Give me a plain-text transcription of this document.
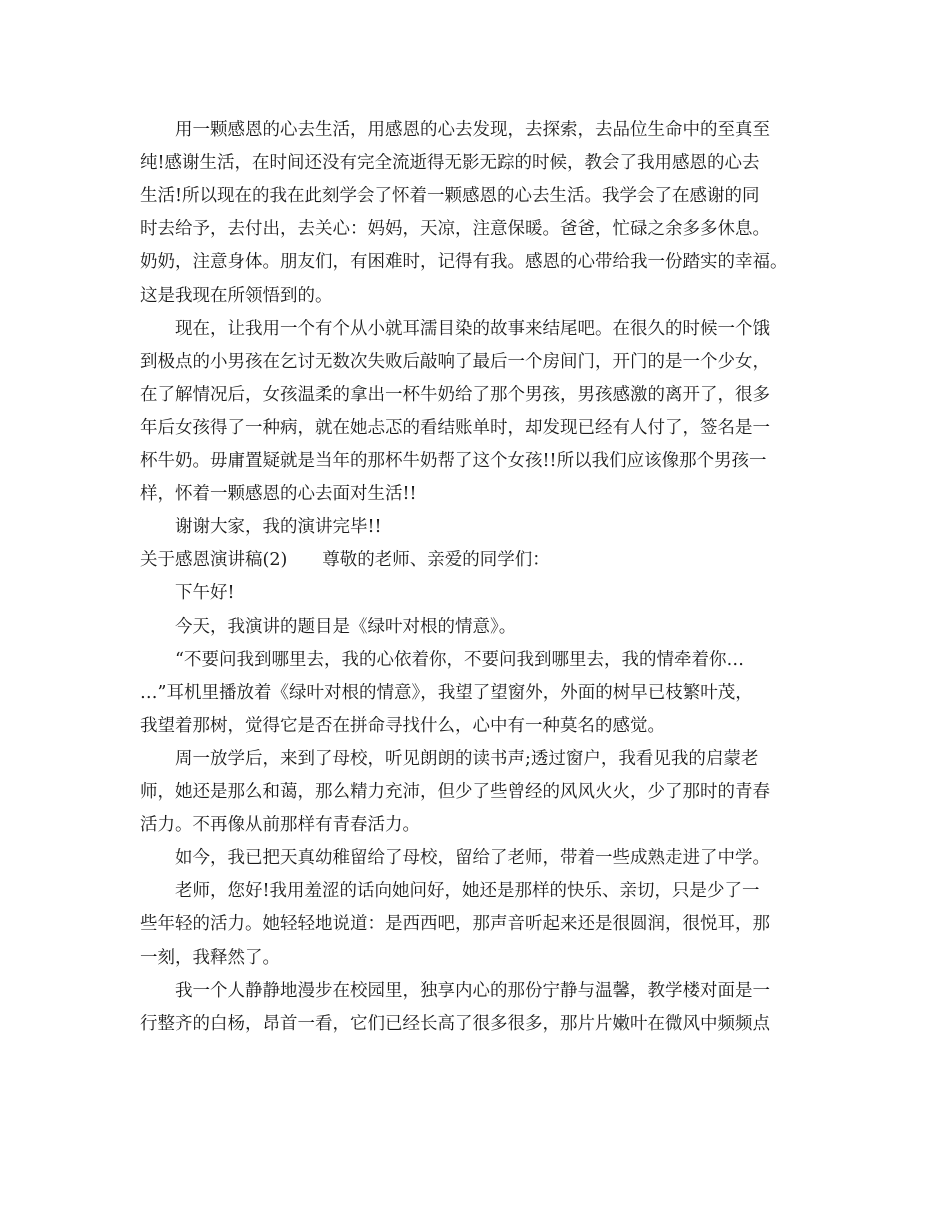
用一颗感恩的心去生活，用感恩的心去发现，去探索，去品位生命中的至真至
纯!感谢生活，在时间还没有完全流逝得无影无踪的时候，教会了我用感恩的心去
生活!所以现在的我在此刻学会了怀着一颗感恩的心去生活。我学会了在感谢的同
时去给予，去付出，去关心：妈妈，天凉，注意保暖。爸爸，忙碌之余多多休息。
奶奶，注意身体。朋友们，有困难时，记得有我。感恩的心带给我一份踏实的幸福。
这是我现在所领悟到的。
现在，让我用一个有个从小就耳濡目染的故事来结尾吧。在很久的时候一个饿
到极点的小男孩在乞讨无数次失败后敲响了最后一个房间门，开门的是一个少女，
在了解情况后，女孩温柔的拿出一杯牛奶给了那个男孩，男孩感激的离开了，很多
年后女孩得了一种病，就在她忐忑的看结账单时，却发现已经有人付了，签名是一
杯牛奶。毋庸置疑就是当年的那杯牛奶帮了这个女孩!!所以我们应该像那个男孩一
样，怀着一颗感恩的心去面对生活!!
谢谢大家，我的演讲完毕!!
关于感恩演讲稿(2)　　尊敬的老师、亲爱的同学们：
下午好!
今天，我演讲的题目是《绿叶对根的情意》。
“不要问我到哪里去，我的心依着你，不要问我到哪里去，我的情牵着你…
…”耳机里播放着《绿叶对根的情意》，我望了望窗外，外面的树早已枝繁叶茂，
我望着那树，觉得它是否在拼命寻找什么，心中有一种莫名的感觉。
周一放学后，来到了母校，听见朗朗的读书声;透过窗户，我看见我的启蒙老
师，她还是那么和蔼，那么精力充沛，但少了些曾经的风风火火，少了那时的青春
活力。不再像从前那样有青春活力。
如今，我已把天真幼稚留给了母校，留给了老师，带着一些成熟走进了中学。
老师，您好!我用羞涩的话向她问好，她还是那样的快乐、亲切，只是少了一
些年轻的活力。她轻轻地说道：是西西吧，那声音听起来还是很圆润，很悦耳，那
一刻，我释然了。
我一个人静静地漫步在校园里，独享内心的那份宁静与温馨，教学楼对面是一
行整齐的白杨，昂首一看，它们已经长高了很多很多，那片片嫩叶在微风中频频点
